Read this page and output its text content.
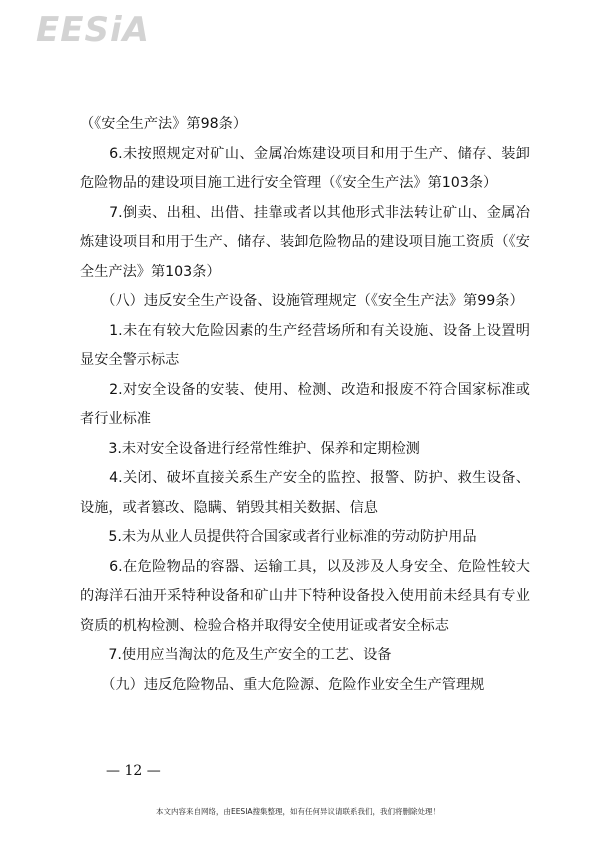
EESiA

（《安全生产法》第98条）

　　6.未按照规定对矿山、金属冶炼建设项目和用于生产、储存、装卸危险物品的建设项目施工进行安全管理（《安全生产法》第103条）

　　7.倒卖、出租、出借、挂靠或者以其他形式非法转让矿山、金属冶炼建设项目和用于生产、储存、装卸危险物品的建设项目施工资质（《安全生产法》第103条）

　　（八）违反安全生产设备、设施管理规定（《安全生产法》第99条）

　　1.未在有较大危险因素的生产经营场所和有关设施、设备上设置明显安全警示标志

　　2.对安全设备的安装、使用、检测、改造和报废不符合国家标准或者行业标准

　　3.未对安全设备进行经常性维护、保养和定期检测

　　4.关闭、破坏直接关系生产安全的监控、报警、防护、救生设备、设施，或者篡改、隐瞒、销毁其相关数据、信息

　　5.未为从业人员提供符合国家或者行业标准的劳动防护用品

　　6.在危险物品的容器、运输工具，以及涉及人身安全、危险性较大的海洋石油开采特种设备和矿山井下特种设备投入使用前未经具有专业资质的机构检测、检验合格并取得安全使用证或者安全标志

　　7.使用应当淘汰的危及生产安全的工艺、设备

　　（九）违反危险物品、重大危险源、危险作业安全生产管理规

— 12 —
本文内容来自网络，由EESIA搜集整理，如有任何异议请联系我们，我们将删除处理！
